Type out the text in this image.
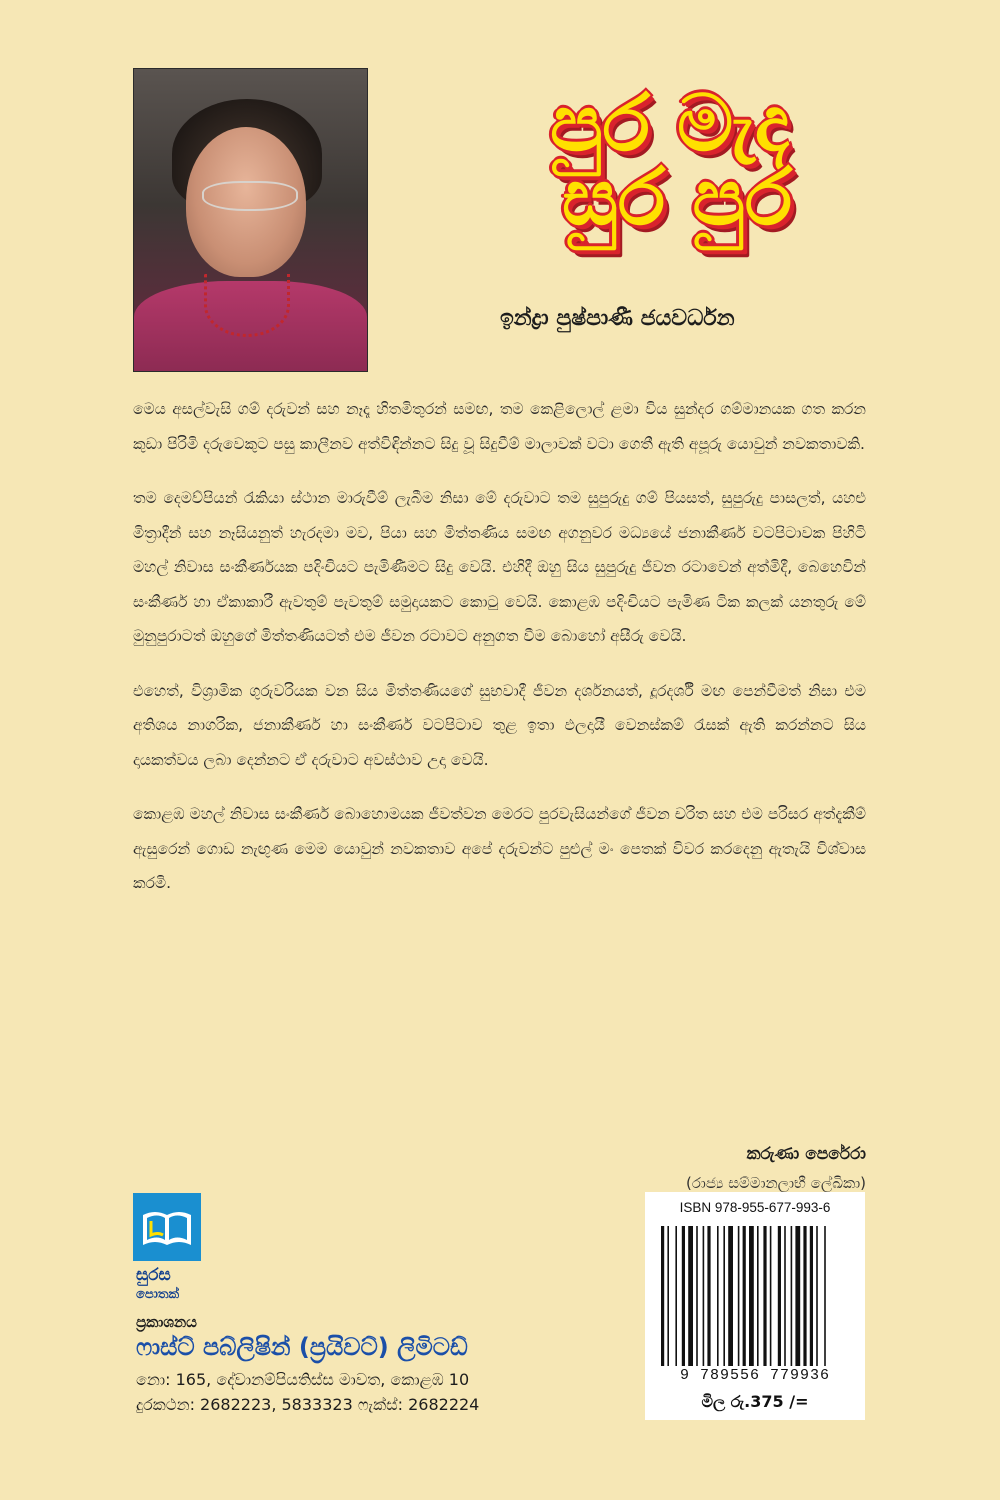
පුර මැද
සුර පුර
ඉන්ද්‍රා පුෂ්පාණී ජයවර්ධන

මෙය අසල්වැසි ගම් දරුවන් සහ නෑදෑ හිතමිතුරන් සමඟ, තම කෙළිලොල් ළමා විය සුන්දර ගම්මානයක ගත කරන කුඩා පිරිමි දරුවෙකුට පසු කාලීනව අත්විඳින්නට සිදු වූ සිදුවීම් මාලාවක් වටා ගෙතී ඇති අපූරු යොවුන් නවකතාවකි.

තම දෙමව්පියන් රැකියා ස්ථාන මාරුවීම් ලැබීම නිසා මේ දරුවාට තම සුපුරුදු ගම් පියසත්, සුපුරුදු පාසලත්, යහළු මිත්‍රාදීන් සහ නෑසියනුත් හැරදමා මව, පියා සහ මිත්තණිය සමඟ අගනුවර මධ්‍යයේ ජනාකීර්ණ වටපිටාවක පිහිටි මහල් නිවාස සංකීර්ණයක පදිංචියට පැමිණීමට සිදු වෙයි. එහිදී ඔහු සිය සුපුරුදු ජීවන රටාවෙන් අත්මිදී, බෙහෙවින් සංකීර්ණ හා ඒකාකාරී ඇවතුම් පැවතුම් සමුදායකට කොටු වෙයි. කොළඹ පදිංචියට පැමිණ ටික කලක් යනතුරු මේ මුනුපුරාටත් ඔහුගේ මිත්තණියටත් එම ජීවන රටාවට අනුගත වීම බොහෝ අසීරු වෙයි.

එහෙත්, විශ්‍රාමික ගුරුවරියක වන සිය මිත්තණියගේ සුභවාදී ජීවන දර්ශනයත්, දූරදර්ශී මඟ පෙන්වීමත් නිසා එම අතිශය නාගරික, ජනාකීර්ණ හා සංකීර්ණ වටපිටාව තුළ ඉතා ඵලදායී වෙනස්කම් රැසක් ඇති කරන්නට සිය දායකත්වය ලබා දෙන්නට ඒ දරුවාට අවස්ථාව උදා වෙයි.

කොළඹ මහල් නිවාස සංකීර්ණ බොහොමයක ජීවත්වන මෙරට පුරවැසියන්ගේ ජීවන චරිත සහ එම පරිසර අත්දැකීම් ඇසුරෙන් ගොඩ නැඟුණ මෙම යොවුන් නවකතාව අපේ දරුවන්ට පුළුල් මං පෙතක් විවර කරදෙනු ඇතැයි විශ්වාස කරමි.

කරුණා පෙරේරා
(රාජ්‍ය සම්මානලාභී ලේඛිකා)
සුරස
පොතක්
ප්‍රකාශනය
ෆාස්ට් පබ්ලිෂින් (ප්‍රයිවට්) ලිමිටඩ්
නො: 165, දේවානම්පියතිස්ස මාවත, කොළඹ 10
දුරකථන: 2682223, 5833323 ෆැක්ස්: 2682224
ISBN 978-955-677-993-6
9 789556 779936
මිල රු.375 /=
